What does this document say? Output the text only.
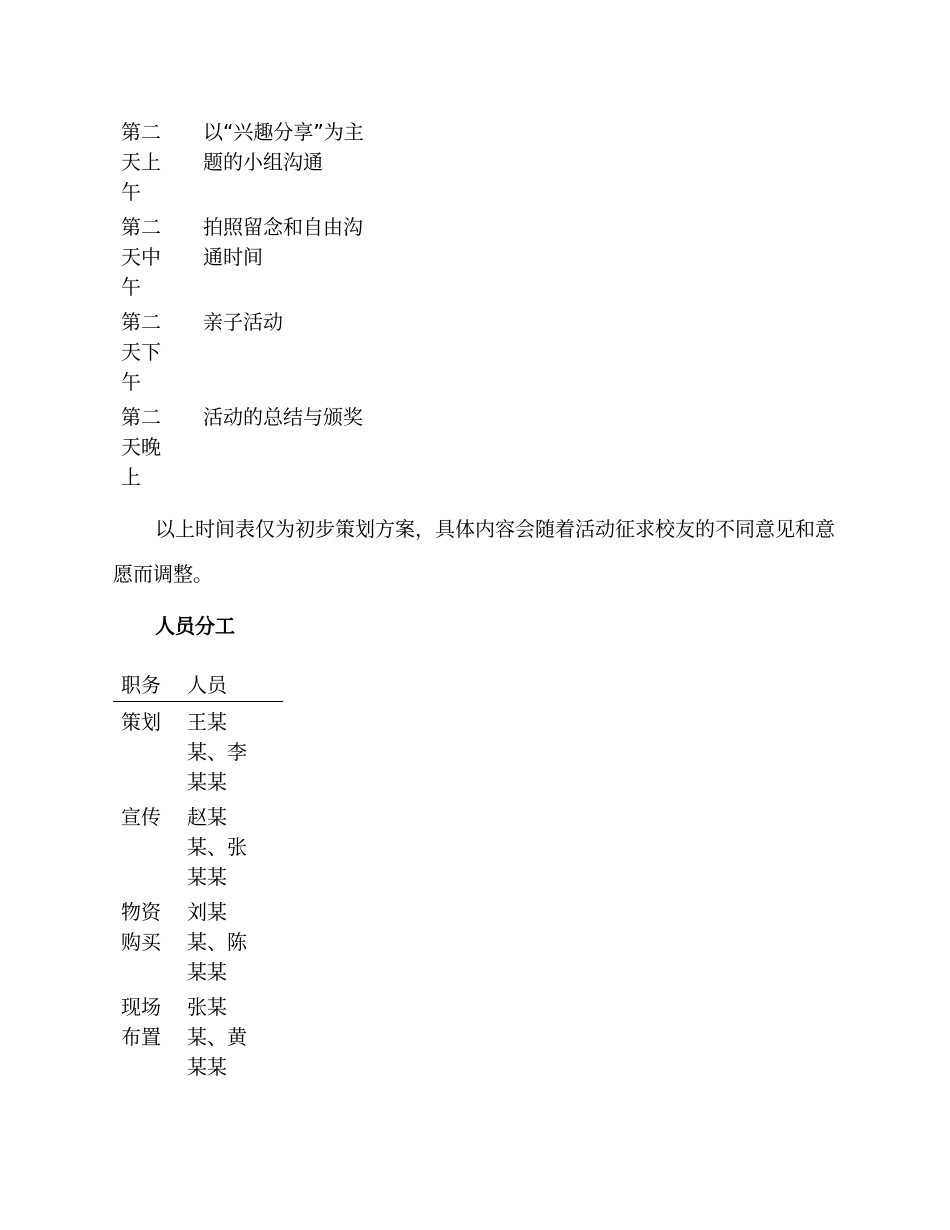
第二天上午	以“兴趣分享”为主题的小组沟通
第二天中午	拍照留念和自由沟通时间
第二天下午	亲子活动
第二天晚上	活动的总结与颁奖

以上时间表仅为初步策划方案，具体内容会随着活动征求校友的不同意见和意愿而调整。

人员分工
职务	人员
策划	王某某、李某某
宣传	赵某某、张某某
物资购买	刘某某、陈某某
现场布置	张某某、黄某某
